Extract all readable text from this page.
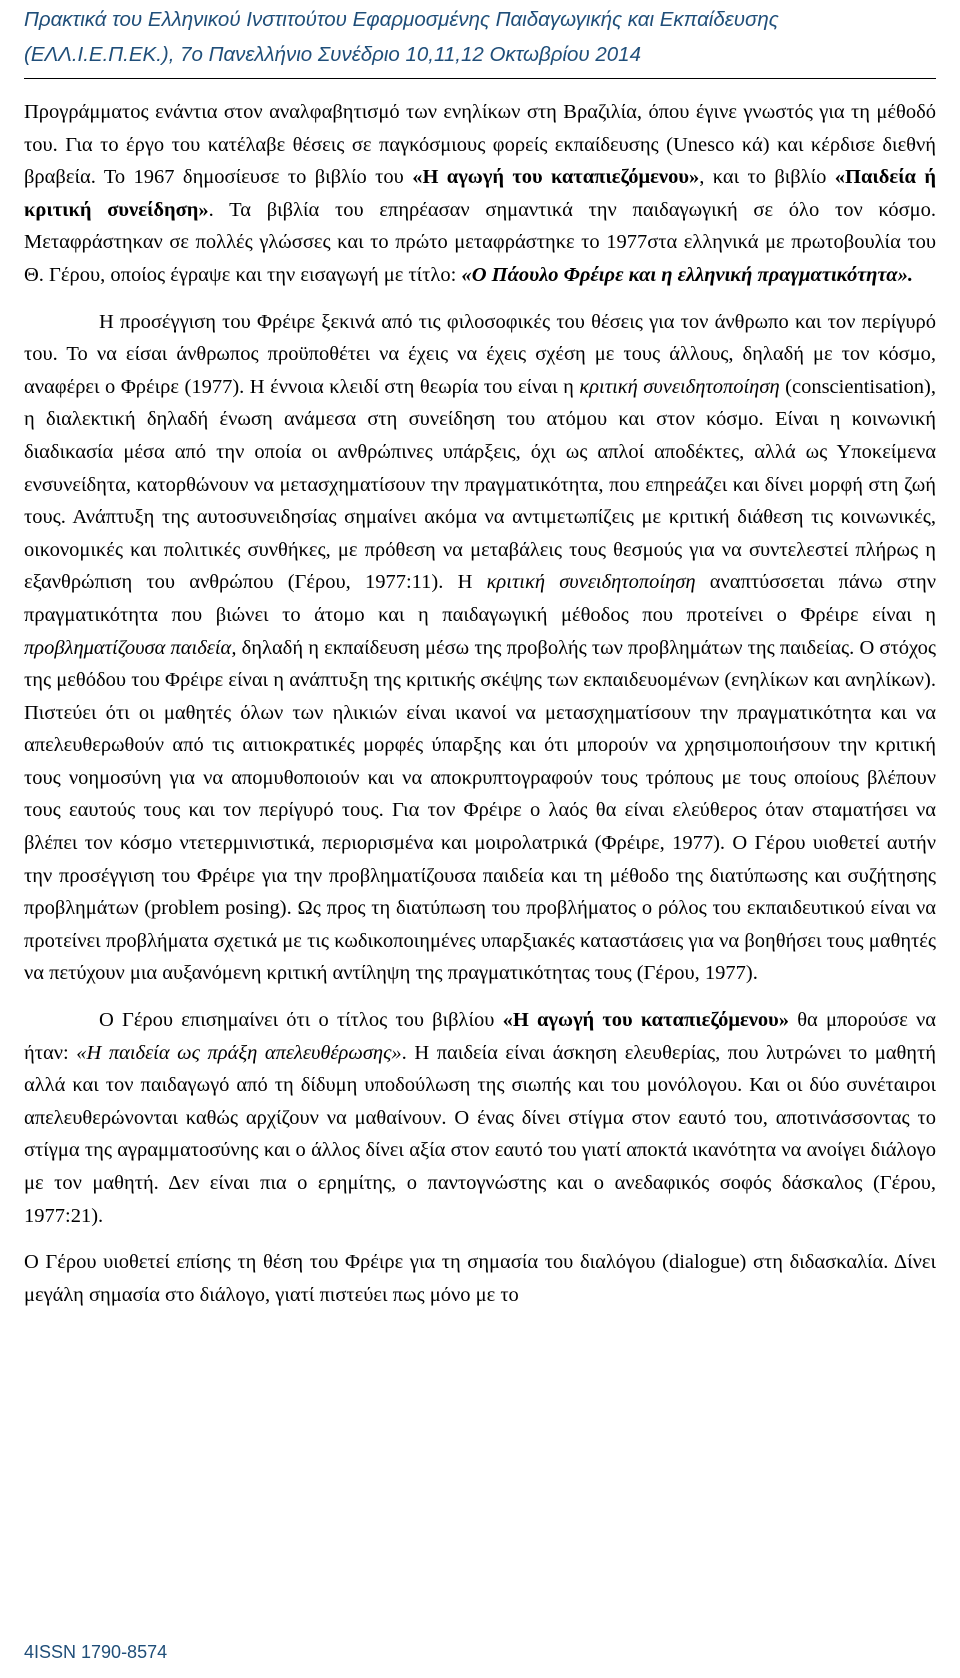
Πρακτικά του Ελληνικού Ινστιτούτου Εφαρμοσμένης Παιδαγωγικής και Εκπαίδευσης
(ΕΛΛ.Ι.Ε.Π.ΕΚ.), 7ο Πανελλήνιο Συνέδριο 10,11,12 Οκτωβρίου 2014

Προγράμματος ενάντια στον αναλφαβητισμό των ενηλίκων στη Βραζιλία, όπου έγινε γνωστός για τη μέθοδό του. Για το έργο του κατέλαβε θέσεις σε παγκόσμιους φορείς εκπαίδευσης (Unesco κά) και κέρδισε διεθνή βραβεία. Το 1967 δημοσίευσε το βιβλίο του «Η αγωγή του καταπιεζόμενου», και το βιβλίο «Παιδεία ή κριτική συνείδηση». Τα βιβλία του επηρέασαν σημαντικά την παιδαγωγική σε όλο τον κόσμο. Μεταφράστηκαν σε πολλές γλώσσες και το πρώτο μεταφράστηκε το 1977στα ελληνικά με πρωτοβουλία του Θ. Γέρου, οποίος έγραψε και την εισαγωγή με τίτλο: «Ο Πάουλο Φρέιρε και η ελληνική πραγματικότητα».

Η προσέγγιση του Φρέιρε ξεκινά από τις φιλοσοφικές του θέσεις για τον άνθρωπο και τον περίγυρό του. Το να είσαι άνθρωπος προϋποθέτει να έχεις να έχεις σχέση με τους άλλους, δηλαδή με τον κόσμο, αναφέρει ο Φρέιρε (1977). Η έννοια κλειδί στη θεωρία του είναι η κριτική συνειδητοποίηση (conscientisation), η διαλεκτική δηλαδή ένωση ανάμεσα στη συνείδηση του ατόμου και στον κόσμο. Είναι η κοινωνική διαδικασία μέσα από την οποία οι ανθρώπινες υπάρξεις, όχι ως απλοί αποδέκτες, αλλά ως Υποκείμενα ενσυνείδητα, κατορθώνουν να μετασχηματίσουν την πραγματικότητα, που επηρεάζει και δίνει μορφή στη ζωή τους. Ανάπτυξη της αυτοσυνειδησίας σημαίνει ακόμα να αντιμετωπίζεις με κριτική διάθεση τις κοινωνικές, οικονομικές και πολιτικές συνθήκες, με πρόθεση να μεταβάλεις τους θεσμούς για να συντελεστεί πλήρως η εξανθρώπιση του ανθρώπου (Γέρου, 1977:11). Η κριτική συνειδητοποίηση αναπτύσσεται πάνω στην πραγματικότητα που βιώνει το άτομο και η παιδαγωγική μέθοδος που προτείνει ο Φρέιρε είναι η προβληματίζουσα παιδεία, δηλαδή η εκπαίδευση μέσω της προβολής των προβλημάτων της παιδείας. Ο στόχος της μεθόδου του Φρέιρε είναι η ανάπτυξη της κριτικής σκέψης των εκπαιδευομένων (ενηλίκων και ανηλίκων). Πιστεύει ότι οι μαθητές όλων των ηλικιών είναι ικανοί να μετασχηματίσουν την πραγματικότητα και να απελευθερωθούν από τις αιτιοκρατικές μορφές ύπαρξης και ότι μπορούν να χρησιμοποιήσουν την κριτική τους νοημοσύνη για να απομυθοποιούν και να αποκρυπτογραφούν τους τρόπους με τους οποίους βλέπουν τους εαυτούς τους και τον περίγυρό τους. Για τον Φρέιρε ο λαός θα είναι ελεύθερος όταν σταματήσει να βλέπει τον κόσμο ντετερμινιστικά, περιορισμένα και μοιρολατρικά (Φρέιρε, 1977). Ο Γέρου υιοθετεί αυτήν την προσέγγιση του Φρέιρε για την προβληματίζουσα παιδεία και τη μέθοδο της διατύπωσης και συζήτησης προβλημάτων (problem posing). Ως προς τη διατύπωση του προβλήματος ο ρόλος του εκπαιδευτικού είναι να προτείνει προβλήματα σχετικά με τις κωδικοποιημένες υπαρξιακές καταστάσεις για να βοηθήσει τους μαθητές να πετύχουν μια αυξανόμενη κριτική αντίληψη της πραγματικότητας τους (Γέρου, 1977).

Ο Γέρου επισημαίνει ότι ο τίτλος του βιβλίου «Η αγωγή του καταπιεζόμενου» θα μπορούσε να ήταν: «Η παιδεία ως πράξη απελευθέρωσης». Η παιδεία είναι άσκηση ελευθερίας, που λυτρώνει το μαθητή αλλά και τον παιδαγωγό από τη δίδυμη υποδούλωση της σιωπής και του μονόλογου. Και οι δύο συνέταιροι απελευθερώνονται καθώς αρχίζουν να μαθαίνουν. Ο ένας δίνει στίγμα στον εαυτό του, αποτινάσσοντας το στίγμα της αγραμματοσύνης και ο άλλος δίνει αξία στον εαυτό του γιατί αποκτά ικανότητα να ανοίγει διάλογο με τον μαθητή. Δεν είναι πια ο ερημίτης, ο παντογνώστης και ο ανεδαφικός σοφός δάσκαλος (Γέρου, 1977:21).

Ο Γέρου υιοθετεί επίσης τη θέση του Φρέιρε για τη σημασία του διαλόγου (dialogue) στη διδασκαλία. Δίνει μεγάλη σημασία στο διάλογο, γιατί πιστεύει πως μόνο με το

4ISSN 1790-8574
